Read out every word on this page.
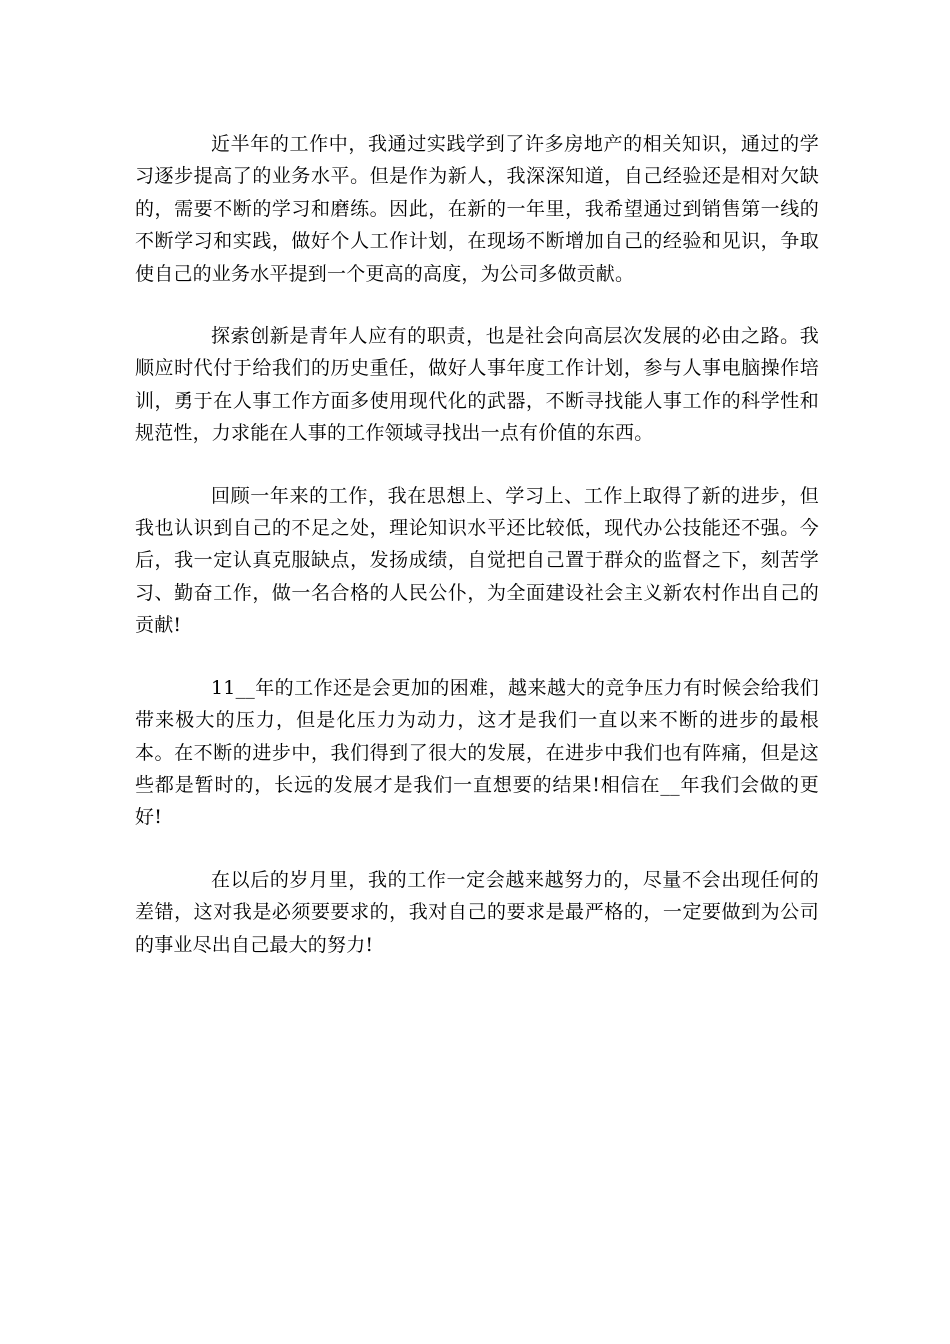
近半年的工作中，我通过实践学到了许多房地产的相关知识，通过的学习逐步提高了的业务水平。但是作为新人，我深深知道，自己经验还是相对欠缺的，需要不断的学习和磨练。因此，在新的一年里，我希望通过到销售第一线的不断学习和实践，做好个人工作计划，在现场不断增加自己的经验和见识，争取使自己的业务水平提到一个更高的高度，为公司多做贡献。

探索创新是青年人应有的职责，也是社会向高层次发展的必由之路。我顺应时代付于给我们的历史重任，做好人事年度工作计划，参与人事电脑操作培训，勇于在人事工作方面多使用现代化的武器，不断寻找能人事工作的科学性和规范性，力求能在人事的工作领域寻找出一点有价值的东西。

回顾一年来的工作，我在思想上、学习上、工作上取得了新的进步，但我也认识到自己的不足之处，理论知识水平还比较低，现代办公技能还不强。今后，我一定认真克服缺点，发扬成绩，自觉把自己置于群众的监督之下，刻苦学习、勤奋工作，做一名合格的人民公仆，为全面建设社会主义新农村作出自己的贡献!

11__年的工作还是会更加的困难，越来越大的竞争压力有时候会给我们带来极大的压力，但是化压力为动力，这才是我们一直以来不断的进步的最根本。在不断的进步中，我们得到了很大的发展，在进步中我们也有阵痛，但是这些都是暂时的，长远的发展才是我们一直想要的结果!相信在__年我们会做的更好!

在以后的岁月里，我的工作一定会越来越努力的，尽量不会出现任何的差错，这对我是必须要要求的，我对自己的要求是最严格的，一定要做到为公司的事业尽出自己最大的努力!
